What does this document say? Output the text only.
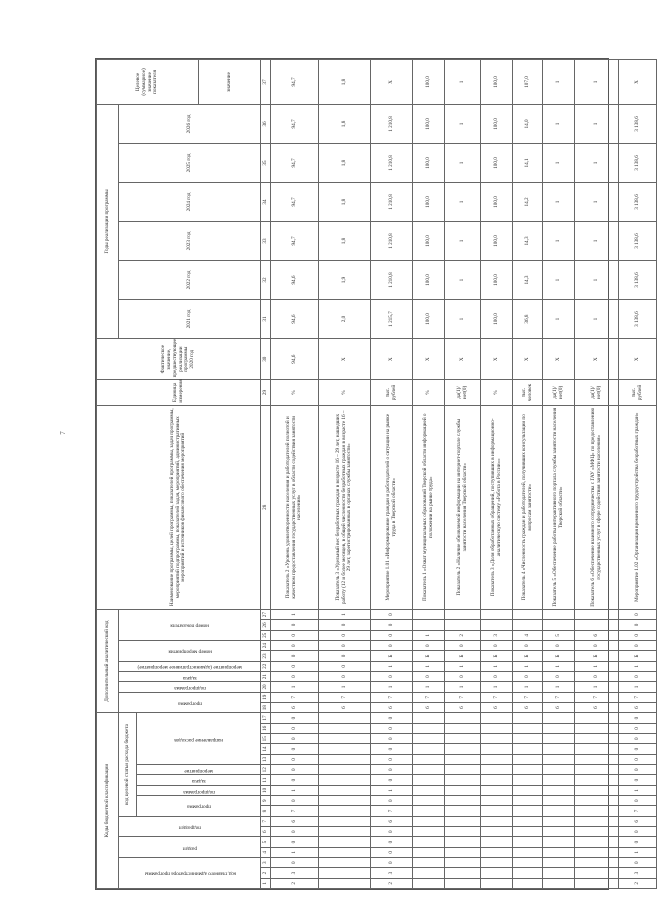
7
Коды бюджетной классификации																	Дополнительный аналитический код										Наименование программы, целей программы, показателей программы, задач программы, мероприятий подпрограммы, показателей задач, мероприятий, административных мероприятий и источников финансового обеспечения мероприятий	Единица измерения	Фактическое значение, предшествующее реализации программы 2020 год	Годы реализации программы						Целевое (суммарное) значение показателя
код главного администратора программы			раздел		подраздел		код целевой статьи расхода бюджета										программа		подпрограмма	задача	мероприятие (административное мероприятие)	номер мероприятия		номер показателя						2021 год	2022 год	2023 год	2024 год	2025 год	2026 год	
							программа		подпрограмма	задача	мероприятие	направление расходов																								
																																				значение
1	2	3	4	5	6	7	8	9	10	11	12	13	14	15	16	17	18	19	20	21	22	23	24	25	26	27	28	29	30	31	32	33	34	35	36	37
2	3	0	1	0	0	6	7	0	1	0	0	0	0	0	0	0	6	7	1	0	0	0	0	0	0	1	Показатель 2 «Уровень удовлетворенности населения и работодателей полнотой и качеством предоставления государственных услуг в области содействия занятости населения»	%	94,6	94,6	94,6	94,7	94,7	94,7	94,7	94,7
																	6	7	1	0	0	0	0	0	0	1	Показатель 3 «Удельный вес безработных граждан в возрасте 16 – 29 лет, нашедших работу (12 и более месяцев, в общей численности безработных граждан в возрасте 16 – 29 лет, зарегистрированных в органах службы занятости»	%	Х	2,0	1,9	1,8	1,8	1,8	1,8	1,8
2	3	0	0	0	0	6	7	0	1	0	0	0	0	0	0	0	6	7	1	0	1	Б	0	0	0	0	Мероприятие 1.01 «Информирование граждан и работодателей о ситуации на рынке труда в Тверской области»	тыс. рублей	Х	1 215,7	1 210,8	1 210,8	1 210,8	1 210,8	1 210,8	Х
																	6	7	1	0	1	Б	0	1			Показатель 1 «Охват муниципальных образований Тверской области информацией о положении на рынке труда»	%	Х	100,0	100,0	100,0	100,0	100,0	100,0	100,0
																	6	7	1	0	1	Б	0	2			Показатель 2 «Наличие обновляемой информации на интернет-портале службы занятости населения Тверской области»	да(1)/ нет(0)	Х	1	1	1	1	1	1	1
																	6	7	1	0	1	Б	0	3			Показатель 3 «Доля обработанных обращений, поступивших в информационно-аналитическую систему «Работа в России»»	%	Х	100,0	100,0	100,0	100,0	100,0	100,0	100,0
																	6	7	1	0	1	Б	0	4			Показатель 4 «Численность граждан и работодателей, получивших консультации по вопросам занятости»	тыс. человек	Х	36,8	14,3	14,3	14,2	14,1	14,0	107,0
																	6	7	1	0	1	Б	0	5			Показатель 5 «Обеспечение работы интерактивного портала службы занятости населения Тверской области»	да(1)/ нет(0)	Х	1	1	1	1	1	1	1
																	6	7	1	0	1	Б	0	6			Показатель 6 «Обеспечение взаимного сотрудничества с ГАУ «МФЦ» по предоставлению государственных услуг в сфере содействия занятости населения»	да(1)/ нет(0)	Х	1	1	1	1	1	1	1
2	3	0	1	0	0	6	7	0	1	0	0	0	0	0	0	0	6	7	1	0	1	Б	0	0	0	0	Мероприятие 1.02 «Организация временного трудоустройства безработных граждан»	тыс. рублей	Х	3 138,6	3 138,6	3 138,6	3 138,6	3 138,6	3 138,6	Х
